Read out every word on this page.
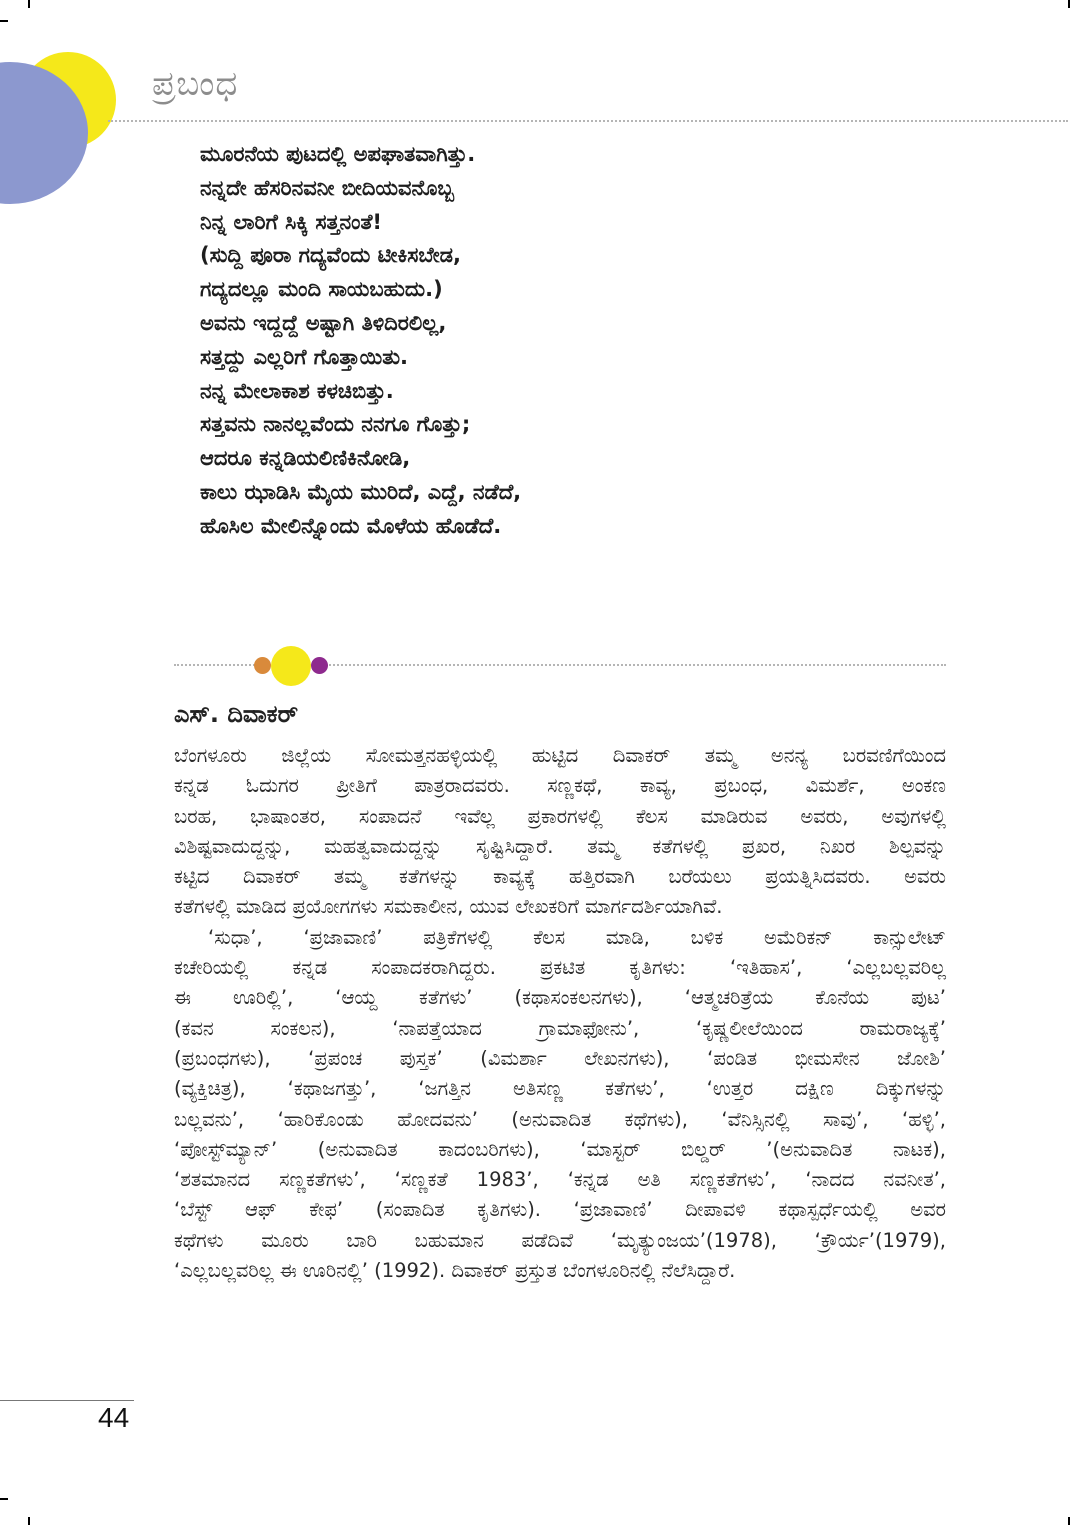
ಪ್ರಬಂಧ
ಮೂರನೆಯ ಪುಟದಲ್ಲಿ ಅಪಘಾತವಾಗಿತ್ತು.
ನನ್ನದೇ ಹೆಸರಿನವನೀ ಬೀದಿಯವನೊಬ್ಬ
ನಿನ್ನ ಲಾರಿಗೆ ಸಿಕ್ಕಿ ಸತ್ತನಂತೆ!
(ಸುದ್ದಿ ಪೂರಾ ಗದ್ಯವೆಂದು ಟೀಕಿಸಬೇಡ,
ಗದ್ಯದಲ್ಲೂ ಮಂದಿ ಸಾಯಬಹುದು.)
ಅವನು ಇದ್ದದ್ದೆ ಅಷ್ಟಾಗಿ ತಿಳಿದಿರಲಿಲ್ಲ,
ಸತ್ತದ್ದು ಎಲ್ಲರಿಗೆ ಗೊತ್ತಾಯಿತು.
ನನ್ನ ಮೇಲಾಕಾಶ ಕಳಚಿಬಿತ್ತು.
ಸತ್ತವನು ನಾನಲ್ಲವೆಂದು ನನಗೂ ಗೊತ್ತು;
ಆದರೂ ಕನ್ನಡಿಯಲಿಣಿಕಿನೋಡಿ,
ಕಾಲು ಝಾಡಿಸಿ ಮೈಯ ಮುರಿದೆ, ಎದ್ದೆ, ನಡೆದೆ,
ಹೊಸಿಲ ಮೇಲಿನ್ನೊಂದು ಮೊಳೆಯ ಹೊಡೆದೆ.
ಎಸ್. ದಿವಾಕರ್
ಬೆಂಗಳೂರು ಜಿಲ್ಲೆಯ ಸೋಮತ್ತನಹಳ್ಳಿಯಲ್ಲಿ ಹುಟ್ಟಿದ ದಿವಾಕರ್ ತಮ್ಮ ಅನನ್ಯ ಬರವಣಿಗೆಯಿಂದ
ಕನ್ನಡ ಓದುಗರ ಪ್ರೀತಿಗೆ ಪಾತ್ರರಾದವರು. ಸಣ್ಣಕಥೆ, ಕಾವ್ಯ, ಪ್ರಬಂಧ, ವಿಮರ್ಶೆ, ಅಂಕಣ
ಬರಹ, ಭಾಷಾಂತರ, ಸಂಪಾದನೆ ಇವೆಲ್ಲ ಪ್ರಕಾರಗಳಲ್ಲಿ ಕೆಲಸ ಮಾಡಿರುವ ಅವರು, ಅವುಗಳಲ್ಲಿ
ವಿಶಿಷ್ಟವಾದುದ್ದನ್ನು, ಮಹತ್ವವಾದುದ್ದನ್ನು ಸೃಷ್ಟಿಸಿದ್ದಾರೆ. ತಮ್ಮ ಕತೆಗಳಲ್ಲಿ ಪ್ರಖರ, ನಿಖರ ಶಿಲ್ಪವನ್ನು
ಕಟ್ಟಿದ ದಿವಾಕರ್ ತಮ್ಮ ಕತೆಗಳನ್ನು ಕಾವ್ಯಕ್ಕೆ ಹತ್ತಿರವಾಗಿ ಬರೆಯಲು ಪ್ರಯತ್ನಿಸಿದವರು. ಅವರು
ಕತೆಗಳಲ್ಲಿ ಮಾಡಿದ ಪ್ರಯೋಗಗಳು ಸಮಕಾಲೀನ, ಯುವ ಲೇಖಕರಿಗೆ ಮಾರ್ಗದರ್ಶಿಯಾಗಿವೆ.
‘ಸುಧಾ’, ‘ಪ್ರಜಾವಾಣಿ’ ಪತ್ರಿಕೆಗಳಲ್ಲಿ ಕೆಲಸ ಮಾಡಿ, ಬಳಿಕ ಅಮೆರಿಕನ್ ಕಾನ್ಸುಲೇಟ್
ಕಚೇರಿಯಲ್ಲಿ ಕನ್ನಡ ಸಂಪಾದಕರಾಗಿದ್ದರು. ಪ್ರಕಟಿತ ಕೃತಿಗಳು: ‘ಇತಿಹಾಸ’, ‘ಎಲ್ಲಬಲ್ಲವರಿಲ್ಲ
ಈ ಊರಿಲ್ಲಿ’, ‘ಆಯ್ದ ಕತೆಗಳು’ (ಕಥಾಸಂಕಲನಗಳು), ‘ಆತ್ಮಚರಿತ್ರೆಯ ಕೊನೆಯ ಪುಟ’
(ಕವನ ಸಂಕಲನ), ‘ನಾಪತ್ತೆಯಾದ ಗ್ರಾಮಾಫೋನು’, ‘ಕೃಷ್ಣಲೀಲೆಯಿಂದ ರಾಮರಾಜ್ಯಕ್ಕೆ’
(ಪ್ರಬಂಧಗಳು), ‘ಪ್ರಪಂಚ ಪುಸ್ತಕ’ (ವಿಮರ್ಶಾ ಲೇಖನಗಳು), ‘ಪಂಡಿತ ಭೀಮಸೇನ ಜೋಶಿ’
(ವ್ಯಕ್ತಿಚಿತ್ರ), ‘ಕಥಾಜಗತ್ತು’, ‘ಜಗತ್ತಿನ ಅತಿಸಣ್ಣ ಕತೆಗಳು’, ‘ಉತ್ತರ ದಕ್ಷಿಣ ದಿಕ್ಕುಗಳನ್ನು
ಬಲ್ಲವನು’, ‘ಹಾರಿಕೊಂಡು ಹೋದವನು’ (ಅನುವಾದಿತ ಕಥೆಗಳು), ‘ವೆನಿಸ್ಸಿನಲ್ಲಿ ಸಾವು’, ‘ಹಳ್ಳಿ’,
‘ಪೋಸ್ಟ್‌ಮ್ಯಾನ್’ (ಅನುವಾದಿತ ಕಾದಂಬರಿಗಳು), ‘ಮಾಸ್ಟರ್ ಬಿಲ್ಡರ್ ’(ಅನುವಾದಿತ ನಾಟಕ),
‘ಶತಮಾನದ ಸಣ್ಣಕತೆಗಳು’, ‘ಸಣ್ಣಕತೆ 1983’, ‘ಕನ್ನಡ ಅತಿ ಸಣ್ಣಕತೆಗಳು’, ‘ನಾದದ ನವನೀತ’,
‘ಬೆಸ್ಟ್ ಆಫ್ ಕೇಫ’ (ಸಂಪಾದಿತ ಕೃತಿಗಳು). ‘ಪ್ರಜಾವಾಣಿ’ ದೀಪಾವಳಿ ಕಥಾಸ್ಪರ್ಧೆಯಲ್ಲಿ ಅವರ
ಕಥೆಗಳು ಮೂರು ಬಾರಿ ಬಹುಮಾನ ಪಡೆದಿವೆ ‘ಮೃತ್ಯುಂಜಯ’(1978), ‘ಕ್ರೌರ್ಯ’(1979),
‘ಎಲ್ಲಬಲ್ಲವರಿಲ್ಲ ಈ ಊರಿನಲ್ಲಿ’ (1992). ದಿವಾಕರ್ ಪ್ರಸ್ತುತ ಬೆಂಗಳೂರಿನಲ್ಲಿ ನೆಲೆಸಿದ್ದಾರೆ.
44
